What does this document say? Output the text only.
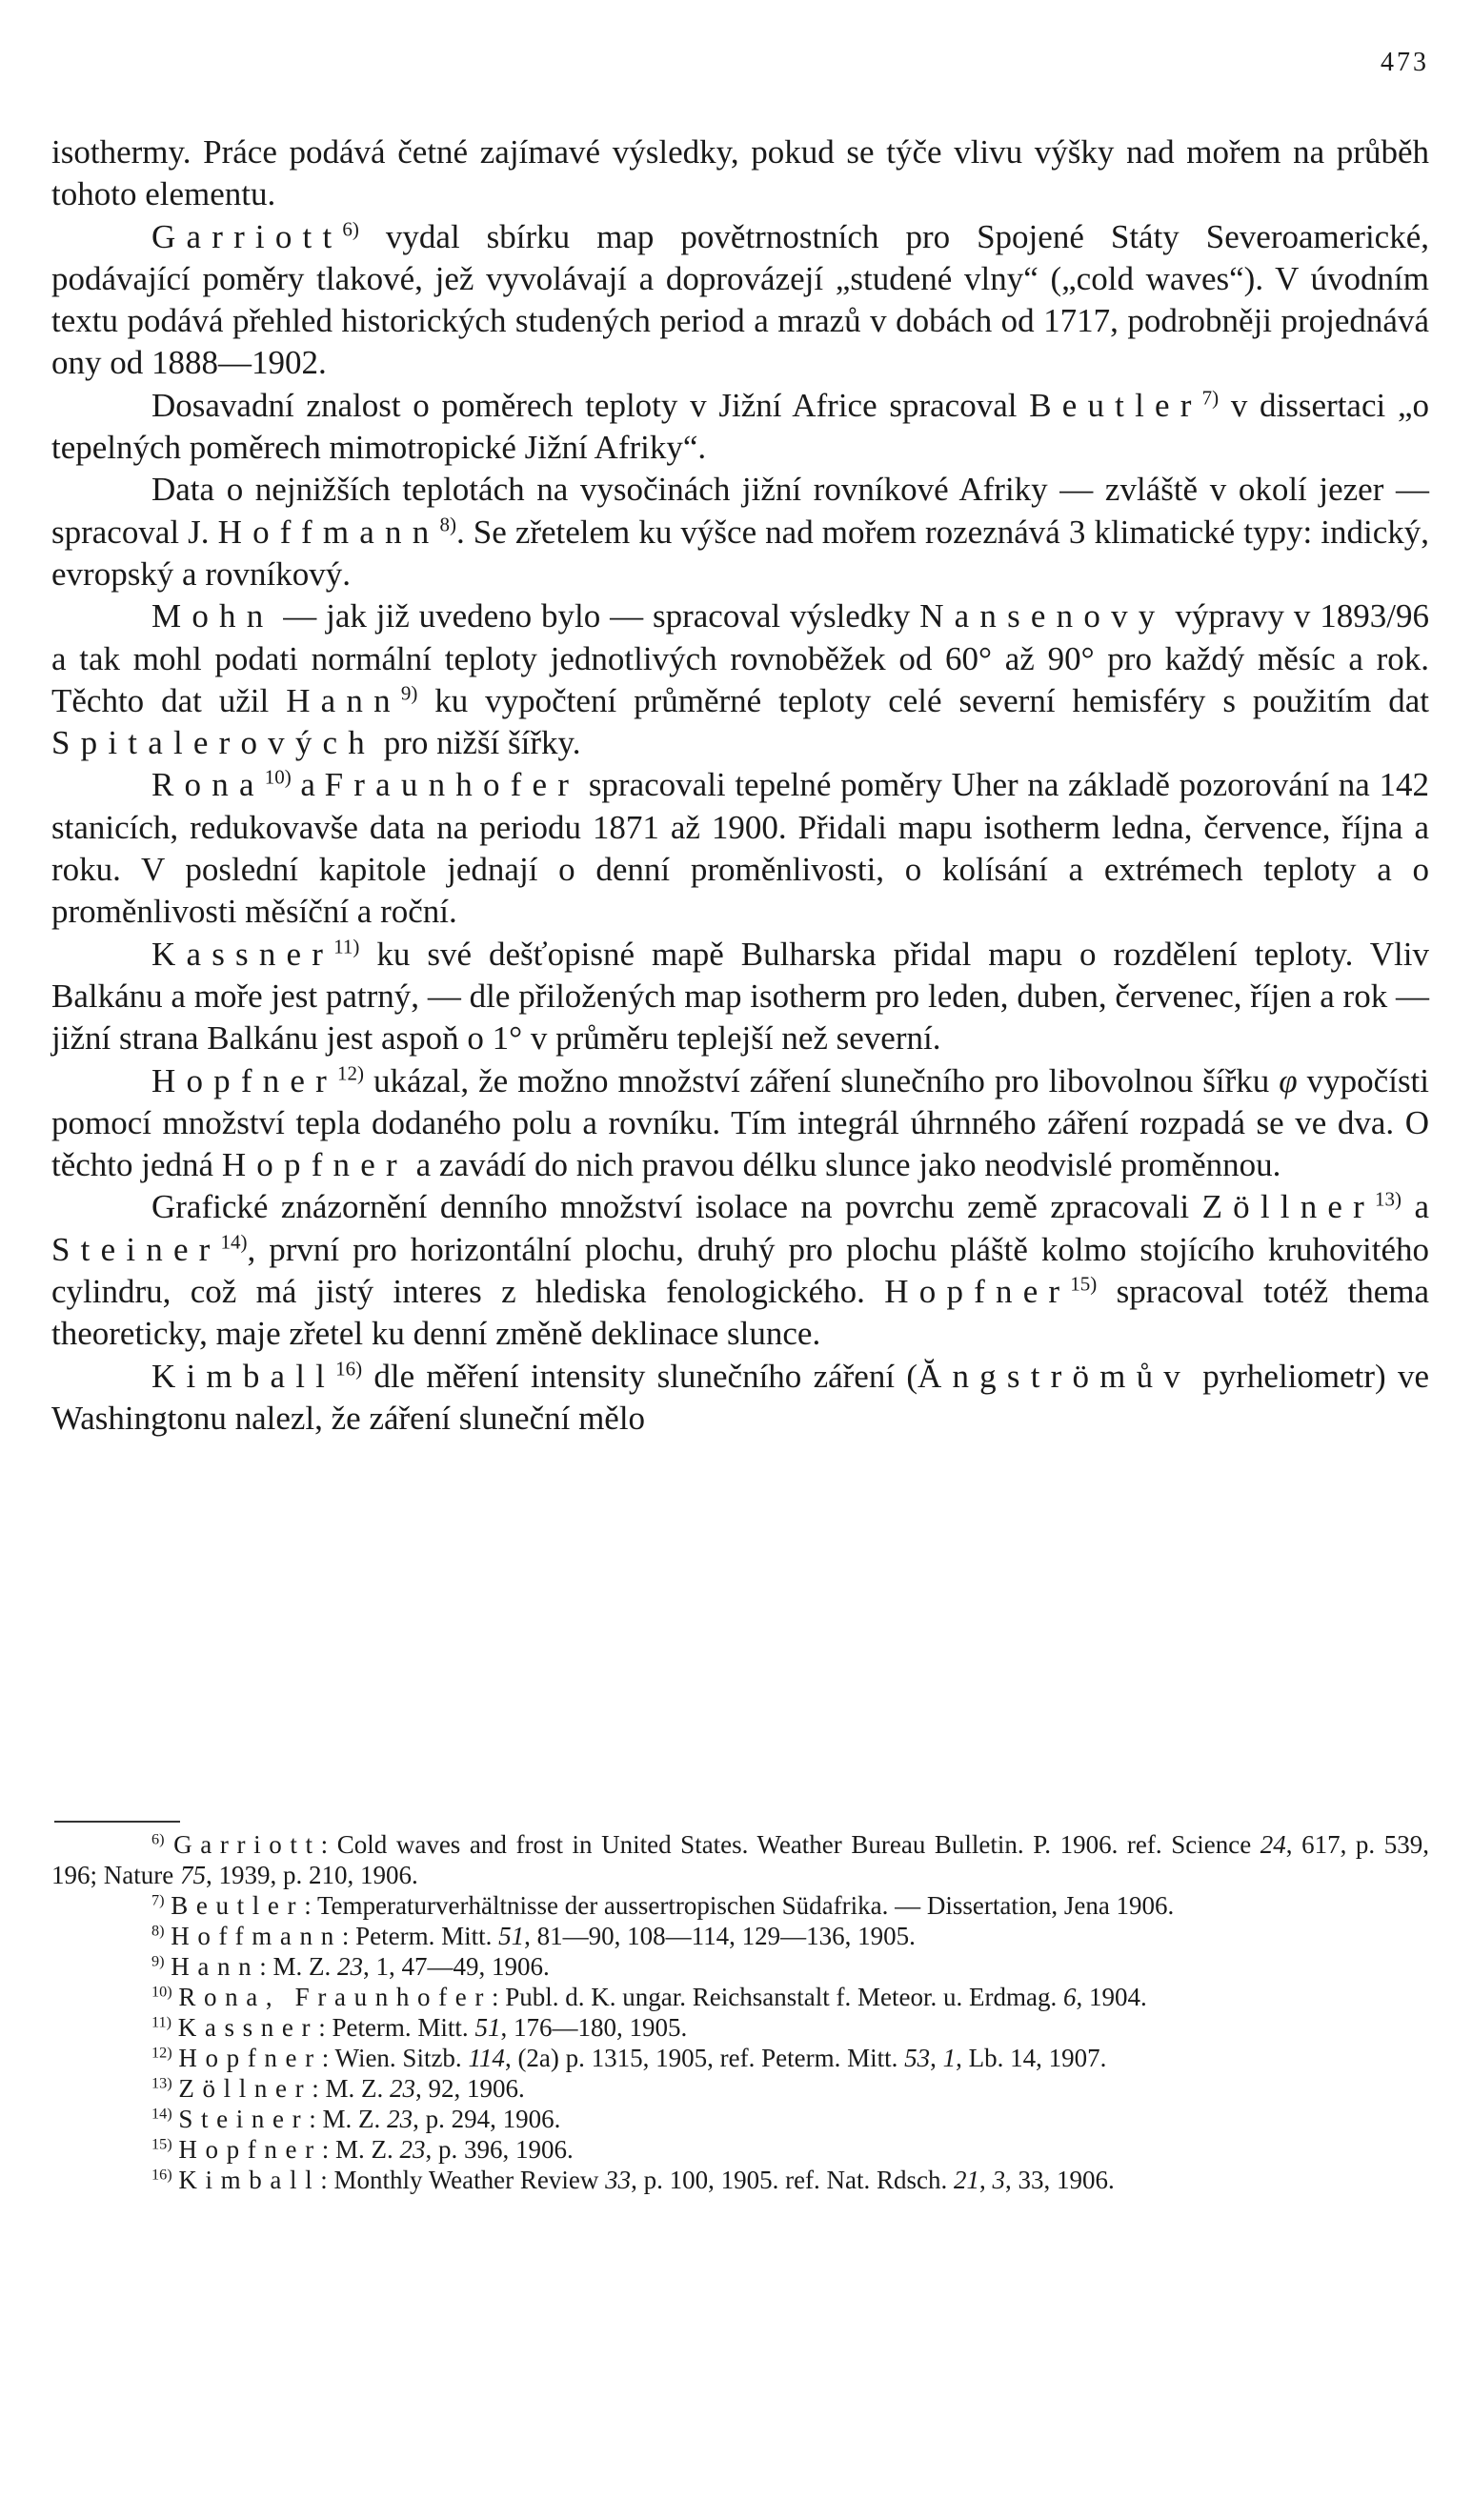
473

isothermy. Práce podává četné zajímavé výsledky, pokud se týče vlivu výšky nad mořem na průběh tohoto elementu.

Garriott$^{6)}$ vydal sbírku map povětrnostních pro Spojené Státy Severoamerické, podávající poměry tlakové, jež vyvolávají a doprovázejí „studené vlny“ („cold waves“). V úvodním textu podává přehled historických studených period a mrazů v dobách od 1717, podrobněji projednává ony od 1888—1902.

Dosavadní znalost o poměrech teploty v Jižní Africe spracoval Beutler$^{7)}$ v dissertaci „o tepelných poměrech mimotropické Jižní Afriky“.

Data o nejnižších teplotách na vysočinách jižní rovníkové Afriky — zvláště v okolí jezer — spracoval J. Hoffmann$^{8)}$. Se zřetelem ku výšce nad mořem rozeznává 3 klimatické typy: indický, evropský a rovníkový.

Mohn — jak již uvedeno bylo — spracoval výsledky Nansenovy výpravy v 1893/96 a tak mohl podati normální teploty jednotlivých rovnoběžek od 60° až 90° pro každý měsíc a rok. Těchto dat užil Hann$^{9)}$ ku vypočtení průměrné teploty celé severní hemisféry s použitím dat Spitalerových pro nižší šířky.

Rona$^{10)}$ a Fraunhofer spracovali tepelné poměry Uher na základě pozorování na 142 stanicích, redukovavše data na periodu 1871 až 1900. Přidali mapu isotherm ledna, července, října a roku. V poslední kapitole jednají o denní proměnlivosti, o kolísání a extrémech teploty a o proměnlivosti měsíční a roční.

Kassner$^{11)}$ ku své dešťopisné mapě Bulharska přidal mapu o rozdělení teploty. Vliv Balkánu a moře jest patrný, — dle přiložených map isotherm pro leden, duben, červenec, říjen a rok — jižní strana Balkánu jest aspoň o 1° v průměru teplejší než severní.

Hopfner$^{12)}$ ukázal, že možno množství záření slunečního pro libovolnou šířku φ vypočísti pomocí množství tepla dodaného polu a rovníku. Tím integrál úhrnného záření rozpadá se ve dva. O těchto jedná Hopfner a zavádí do nich pravou délku slunce jako neodvislé proměnnou.

Grafické znázornění denního množství isolace na povrchu země zpracovali Zöllner$^{13)}$ a Steiner$^{14)}$, první pro horizontální plochu, druhý pro plochu pláště kolmo stojícího kruhovitého cylindru, což má jistý interes z hlediska fenologického. Hopfner$^{15)}$ spracoval totéž thema theoreticky, maje zřetel ku denní změně deklinace slunce.

Kimball$^{16)}$ dle měření intensity slunečního záření (Ăngströmův pyrheliometr) ve Washingtonu nalezl, že záření sluneční mělo

$^{6)}$ Garriott: Cold waves and frost in United States. Weather Bureau Bulletin. P. 1906. ref. Science 24, 617, p. 539, 196; Nature 75, 1939, p. 210, 1906.

$^{7)}$ Beutler: Temperaturverhältnisse der aussertropischen Südafrika. — Dissertation, Jena 1906.

$^{8)}$ Hoffmann: Peterm. Mitt. 51, 81—90, 108—114, 129—136, 1905.

$^{9)}$ Hann: M. Z. 23, 1, 47—49, 1906.

$^{10)}$ Rona, Fraunhofer: Publ. d. K. ungar. Reichsanstalt f. Meteor. u. Erdmag. 6, 1904.

$^{11)}$ Kassner: Peterm. Mitt. 51, 176—180, 1905.

$^{12)}$ Hopfner: Wien. Sitzb. 114, (2a) p. 1315, 1905, ref. Peterm. Mitt. 53, 1, Lb. 14, 1907.

$^{13)}$ Zöllner: M. Z. 23, 92, 1906.

$^{14)}$ Steiner: M. Z. 23, p. 294, 1906.

$^{15)}$ Hopfner: M. Z. 23, p. 396, 1906.

$^{16)}$ Kimball: Monthly Weather Review 33, p. 100, 1905. ref. Nat. Rdsch. 21, 3, 33, 1906.
